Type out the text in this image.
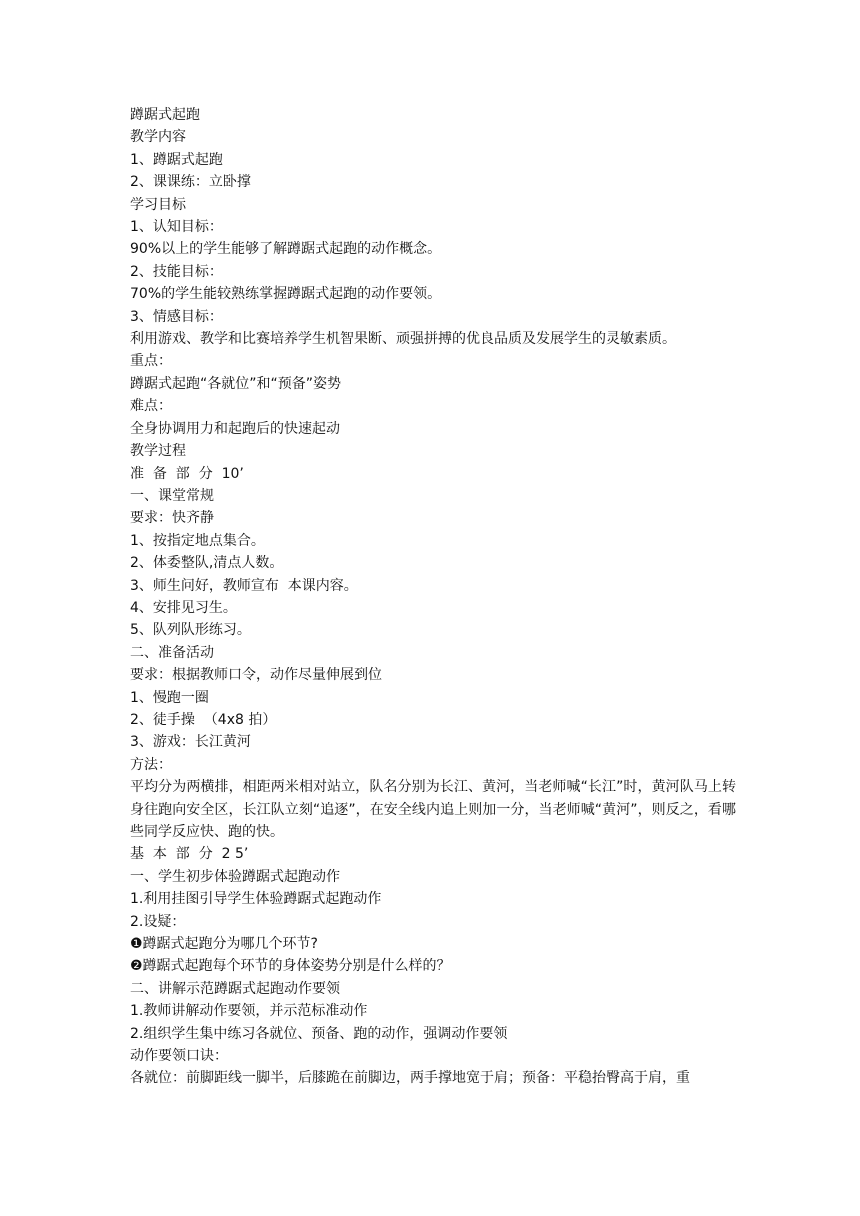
蹲踞式起跑

教学内容

1、蹲踞式起跑

2、课课练：立卧撑

学习目标

1、认知目标：

90%以上的学生能够了解蹲踞式起跑的动作概念。

2、技能目标：

70%的学生能较熟练掌握蹲踞式起跑的动作要领。

3、情感目标：

利用游戏、教学和比赛培养学生机智果断、顽强拼搏的优良品质及发展学生的灵敏素质。

重点：

蹲踞式起跑“各就位”和“预备”姿势

难点：

全身协调用力和起跑后的快速起动

教学过程

准  备  部  分  10’

一、课堂常规

要求：快齐静

1、按指定地点集合。

2、体委整队,清点人数。

3、师生问好，教师宣布  本课内容。

4、安排见习生。

5、队列队形练习。

二、准备活动

要求：根据教师口令，动作尽量伸展到位

1、慢跑一圈

2、徒手操  （4x8 拍）

3、游戏：长江黄河

方法：

平均分为两横排，相距两米相对站立，队名分别为长江、黄河，当老师喊“长江”时，黄河队马上转身往跑向安全区，长江队立刻“追逐”，在安全线内追上则加一分，当老师喊“黄河”，则反之，看哪些同学反应快、跑的快。

基  本  部  分  2 5’

一、学生初步体验蹲踞式起跑动作

1.利用挂图引导学生体验蹲踞式起跑动作

2.设疑：

❶蹲踞式起跑分为哪几个环节?

❷蹲踞式起跑每个环节的身体姿势分别是什么样的？

二、讲解示范蹲踞式起跑动作要领

1.教师讲解动作要领，并示范标准动作

2.组织学生集中练习各就位、预备、跑的动作，强调动作要领

动作要领口诀：

各就位：前脚距线一脚半，后膝跪在前脚边，两手撑地宽于肩；预备：平稳抬臀高于肩，重
